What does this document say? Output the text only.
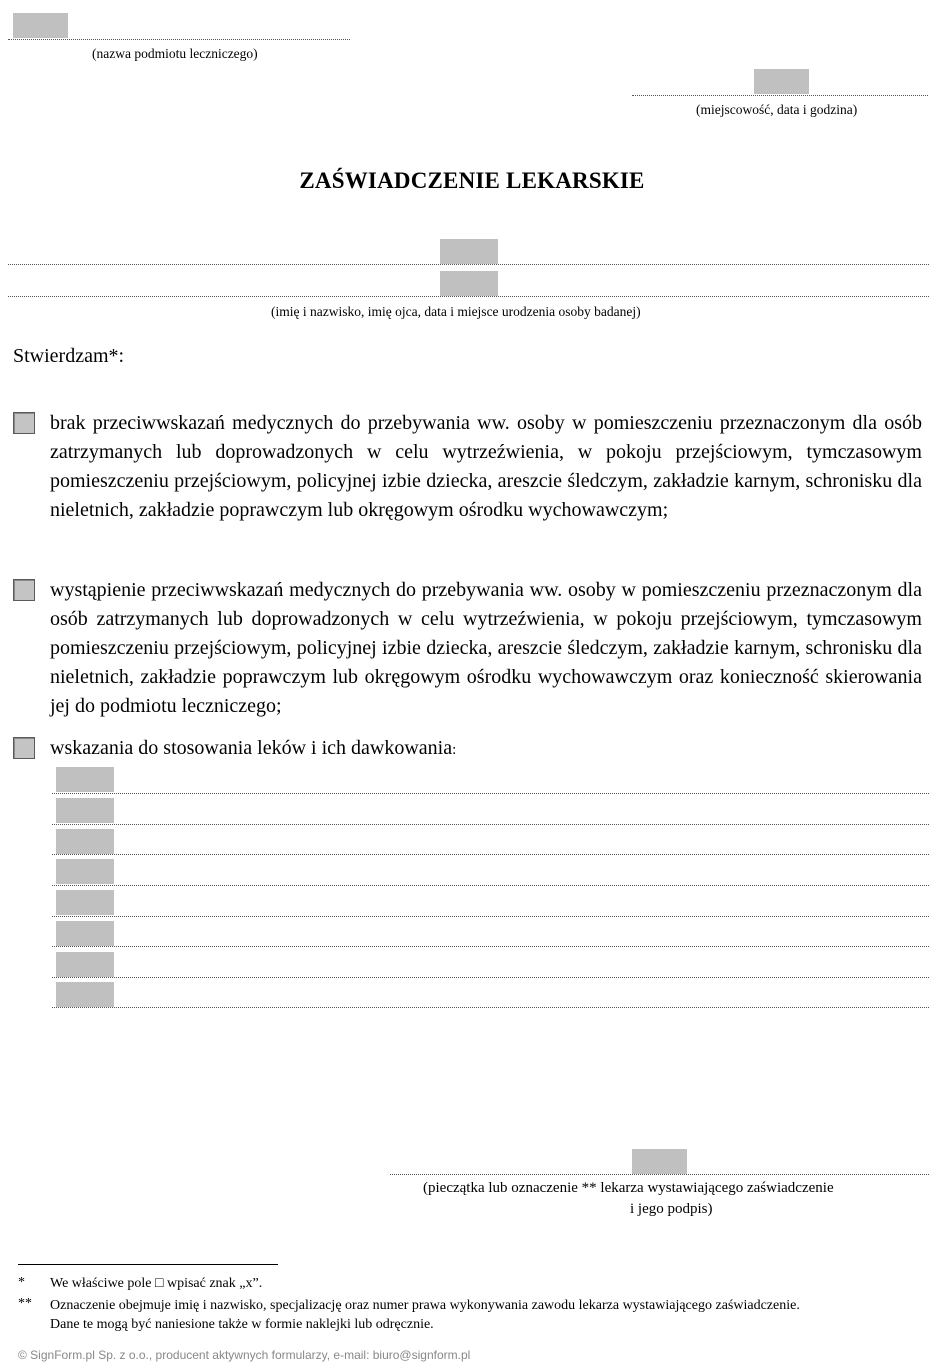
(nazwa podmiotu leczniczego)
(miejscowość, data i godzina)
ZAŚWIADCZENIE LEKARSKIE
(imię i nazwisko, imię ojca, data i miejsce urodzenia osoby badanej)
Stwierdzam*:
brak przeciwwskazań medycznych do przebywania ww. osoby w pomieszczeniu przeznaczonym dla osób zatrzymanych lub doprowadzonych w celu wytrzeźwienia, w pokoju przejściowym, tymczasowym pomieszczeniu przejściowym, policyjnej izbie dziecka, areszcie śledczym, zakładzie karnym, schronisku dla nieletnich, zakładzie poprawczym lub okręgowym ośrodku wychowawczym;
wystąpienie przeciwwskazań medycznych do przebywania ww. osoby w pomieszczeniu przeznaczonym dla osób zatrzymanych lub doprowadzonych w celu wytrzeźwienia, w pokoju przejściowym, tymczasowym pomieszczeniu przejściowym, policyjnej izbie dziecka, areszcie śledczym, zakładzie karnym, schronisku dla nieletnich, zakładzie poprawczym lub okręgowym ośrodku wychowawczym oraz konieczność skierowania jej do podmiotu leczniczego;
wskazania do stosowania leków i ich dawkowania:
(pieczątka lub oznaczenie ** lekarza wystawiającego zaświadczenie
i jego podpis)
* We właściwe pole □ wpisać znak „x”.
** Oznaczenie obejmuje imię i nazwisko, specjalizację oraz numer prawa wykonywania zawodu lekarza wystawiającego zaświadczenie.
Dane te mogą być naniesione także w formie naklejki lub odręcznie.
© SignForm.pl Sp. z o.o., producent aktywnych formularzy, e-mail: biuro@signform.pl
